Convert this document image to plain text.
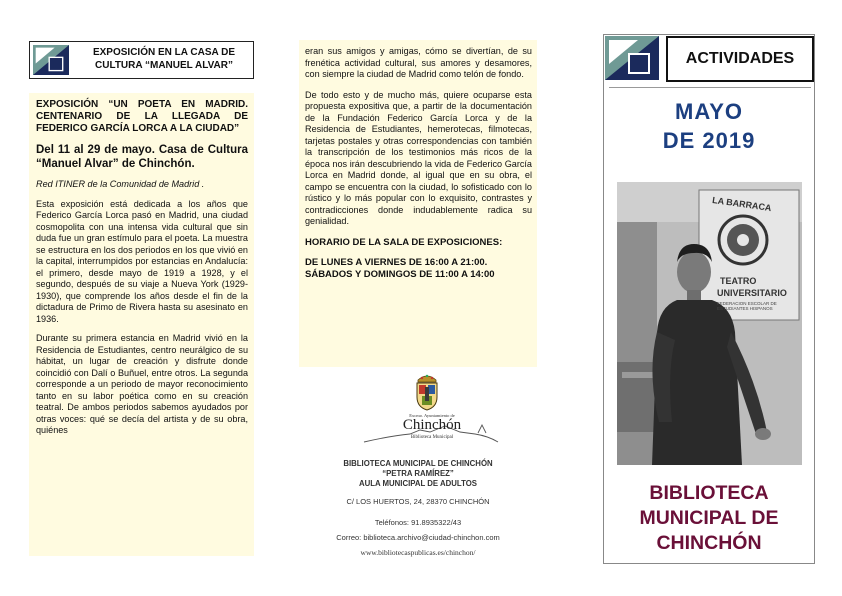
EXPOSICIÓN EN LA CASA DE CULTURA “MANUEL ALVAR”

EXPOSICIÓN “UN POETA EN MADRID. CENTENARIO DE LA LLEGADA DE FEDERICO GARCÍA LORCA A LA CIUDAD”

Del 11 al 29 de mayo. Casa de Cultura “Manuel Alvar” de Chinchón.

Red ITINER de la Comunidad de Madrid .

Esta exposición está dedicada a los años que Federico García Lorca pasó en Madrid, una ciudad cosmopolita con una intensa vida cultural que sin duda fue un gran estímulo para el poeta. La muestra se estructura en los dos periodos en los que vivió en la capital, interrumpidos por estancias en Andalucía: el primero, desde mayo de 1919 a 1928, y el segundo, después de su viaje a Nueva York (1929-1930), que comprende los años desde el fin de la dictadura de Primo de Rivera hasta su asesinato en 1936.

Durante su primera estancia en Madrid vivió en la Residencia de Estudiantes, centro neurálgico de su hábitat, un lugar de creación y disfrute donde coincidió con Dalí o Buñuel, entre otros. La segunda corresponde a un periodo de mayor reconocimiento tanto en su labor poética como en su creación teatral. De ambos periodos sabemos ayudados por otras voces: qué se decía del artista y de su obra, quiénes

eran sus amigos y amigas, cómo se divertían, de su frenética actividad cultural, sus amores y desamores, con siempre la ciudad de Madrid como telón de fondo.

De todo esto y de mucho más, quiere ocuparse esta propuesta expositiva que, a partir de la documentación de la Fundación Federico García Lorca y de la Residencia de Estudiantes, hemerotecas, filmotecas, tarjetas postales y otras correspondencias con también la transcripción de los testimonios más ricos de la época nos irán descubriendo la vida de Federico García Lorca en Madrid donde, al igual que en su obra, el campo se encuentra con la ciudad, lo sofisticado con lo rústico y lo más popular con lo exquisito, contrastes y contradicciones donde indudablemente radica su genialidad.

HORARIO DE LA SALA DE EXPOSICIONES:

DE LUNES A VIERNES DE 16:00 A 21:00.
SÁBADOS Y DOMINGOS DE 11:00 A 14:00
Excmo. Ayuntamiento de
Chinchón
Biblioteca Municipal
BIBLIOTECA MUNICIPAL DE CHINCHÓN
“PETRA RAMÍREZ”
AULA MUNICIPAL DE ADULTOS
C/ LOS HUERTOS, 24, 28370 CHINCHÓN
Teléfonos: 91.8935322/43
Correo: biblioteca.archivo@ciudad-chinchon.com
www.bibliotecaspublicas.es/chinchon/
ACTIVIDADES
MAYO
DE 2019
LA BARRACA
TEATRO
UNIVERSITARIO
FEDERACION ESCOLAR DE ESTUDIANTES HISPANOS
BIBLIOTECA
MUNICIPAL DE
CHINCHÓN
